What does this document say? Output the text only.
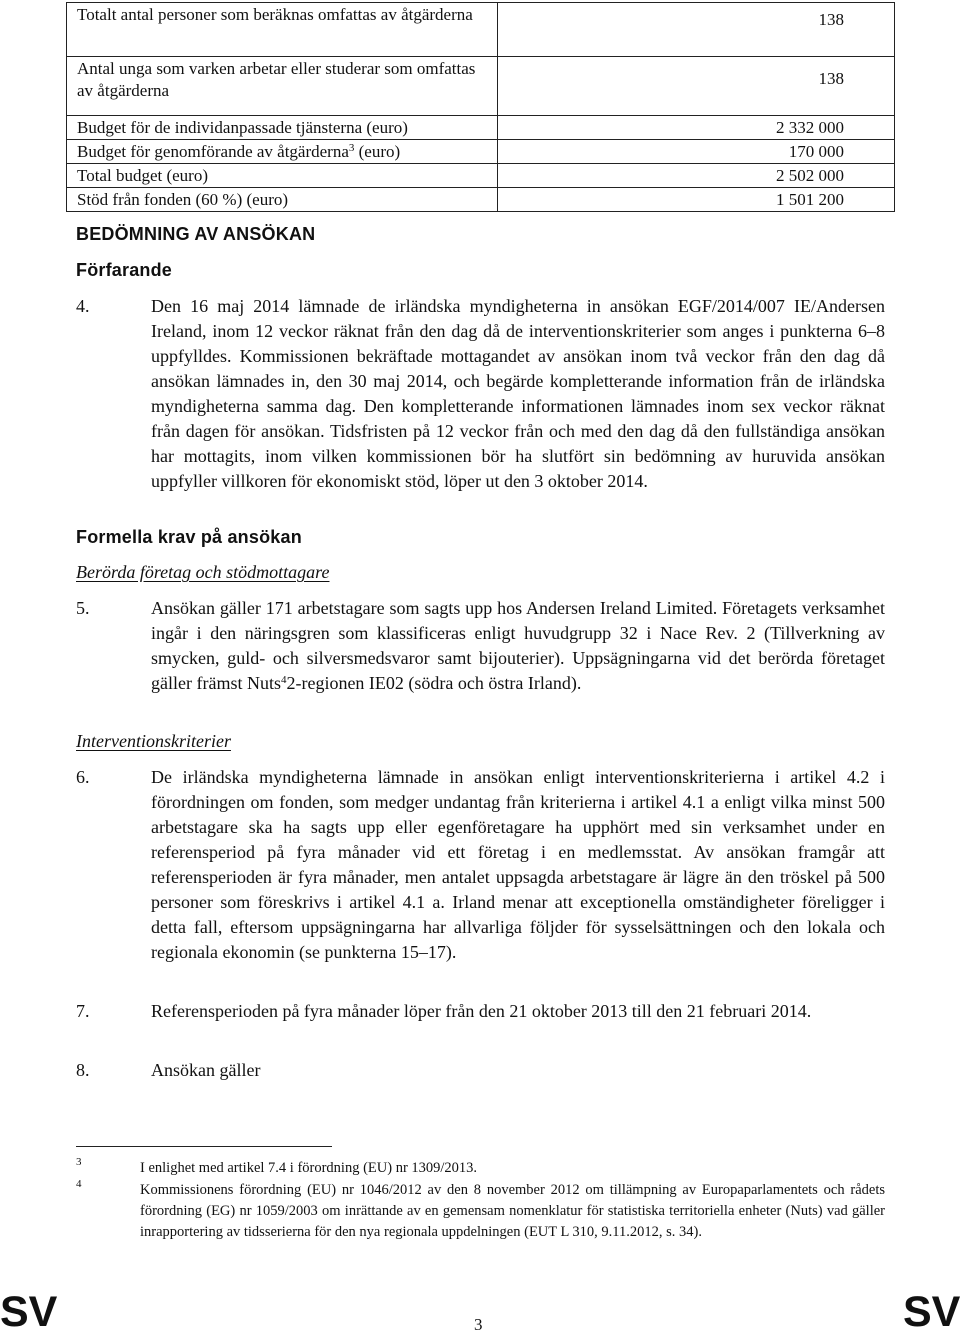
Totalt antal personer som beräknas omfattas av åtgärderna	138
Antal unga som varken arbetar eller studerar som omfattas av åtgärderna	138
Budget för de individanpassade tjänsterna (euro)	2 332 000
Budget för genomförande av åtgärderna$^3$ (euro)	170 000
Total budget (euro)	2 502 000
Stöd från fonden (60 %) (euro)	1 501 200
BEDÖMNING AV ANSÖKAN
Förfarande
4.	Den 16 maj 2014 lämnade de irländska myndigheterna in ansökan EGF/2014/007 IE/Andersen Ireland, inom 12 veckor räknat från den dag då de interventionskriterier som anges i punkterna 6–8 uppfylldes. Kommissionen bekräftade mottagandet av ansökan inom två veckor från den dag då ansökan lämnades in, den 30 maj 2014, och begärde kompletterande information från de irländska myndigheterna samma dag. Den kompletterande informationen lämnades inom sex veckor räknat från dagen för ansökan. Tidsfristen på 12 veckor från och med den dag då den fullständiga ansökan har mottagits, inom vilken kommissionen bör ha slutfört sin bedömning av huruvida ansökan uppfyller villkoren för ekonomiskt stöd, löper ut den 3 oktober 2014.
Formella krav på ansökan
Berörda företag och stödmottagare
5.	Ansökan gäller 171 arbetstagare som sagts upp hos Andersen Ireland Limited. Företagets verksamhet ingår i den näringsgren som klassificeras enligt huvudgrupp 32 i Nace Rev. 2 (Tillverkning av smycken, guld- och silversmedsvaror samt bijouterier). Uppsägningarna vid det berörda företaget gäller främst Nuts$^4$2-regionen IE02 (södra och östra Irland).
Interventionskriterier
6.	De irländska myndigheterna lämnade in ansökan enligt interventionskriterierna i artikel 4.2 i förordningen om fonden, som medger undantag från kriterierna i artikel 4.1 a enligt vilka minst 500 arbetstagare ska ha sagts upp eller egenföretagare ha upphört med sin verksamhet under en referensperiod på fyra månader vid ett företag i en medlemsstat. Av ansökan framgår att referensperioden är fyra månader, men antalet uppsagda arbetstagare är lägre än den tröskel på 500 personer som föreskrivs i artikel 4.1 a. Irland menar att exceptionella omständigheter föreligger i detta fall, eftersom uppsägningarna har allvarliga följder för sysselsättningen och den lokala och regionala ekonomin (se punkterna 15–17).
7.	Referensperioden på fyra månader löper från den 21 oktober 2013 till den 21 februari 2014.
8.	Ansökan gäller
3	I enlighet med artikel 7.4 i förordning (EU) nr 1309/2013.
4	Kommissionens förordning (EU) nr 1046/2012 av den 8 november 2012 om tillämpning av Europaparlamentets och rådets förordning (EG) nr 1059/2003 om inrättande av en gemensam nomenklatur för statistiska territoriella enheter (Nuts) vad gäller inrapportering av tidsserierna för den nya regionala uppdelningen (EUT L 310, 9.11.2012, s. 34).
SV	3	SV
